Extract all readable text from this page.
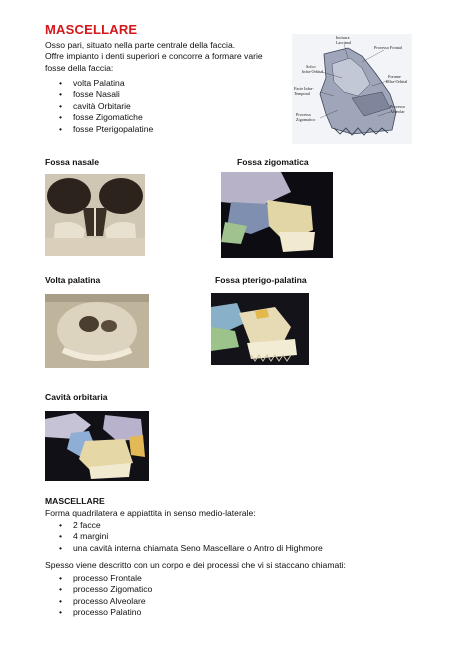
MASCELLARE
Osso pari, situato nella parte centrale della faccia.
Offre impianto i denti superiori e concorre a formare varie
fosse della faccia:
• volta Palatina
• fosse Nasali
• cavità Orbitarie
• fosse Zigomatiche
• fosse Pterigopalatine
Incisura
Lacrimal
Processo Frontal
Solco
Infra-Orbital
Forame
Infra-Orbital
Facie Infra-
Temporal
Processo
Zigomatico
Processo
Alveolar
Fossa nasale	Fossa zigomatica
Volta palatina	Fossa pterigo-palatina
Cavità orbitaria
MASCELLARE
Forma quadrilatera e appiattita in senso medio-laterale:
• 2 facce
• 4 margini
• una cavità interna chiamata Seno Mascellare o Antro di Highmore
Spesso viene descritto con un corpo e dei processi che vi si staccano chiamati:
• processo Frontale
• processo Zigomatico
• processo Alveolare
• processo Palatino
